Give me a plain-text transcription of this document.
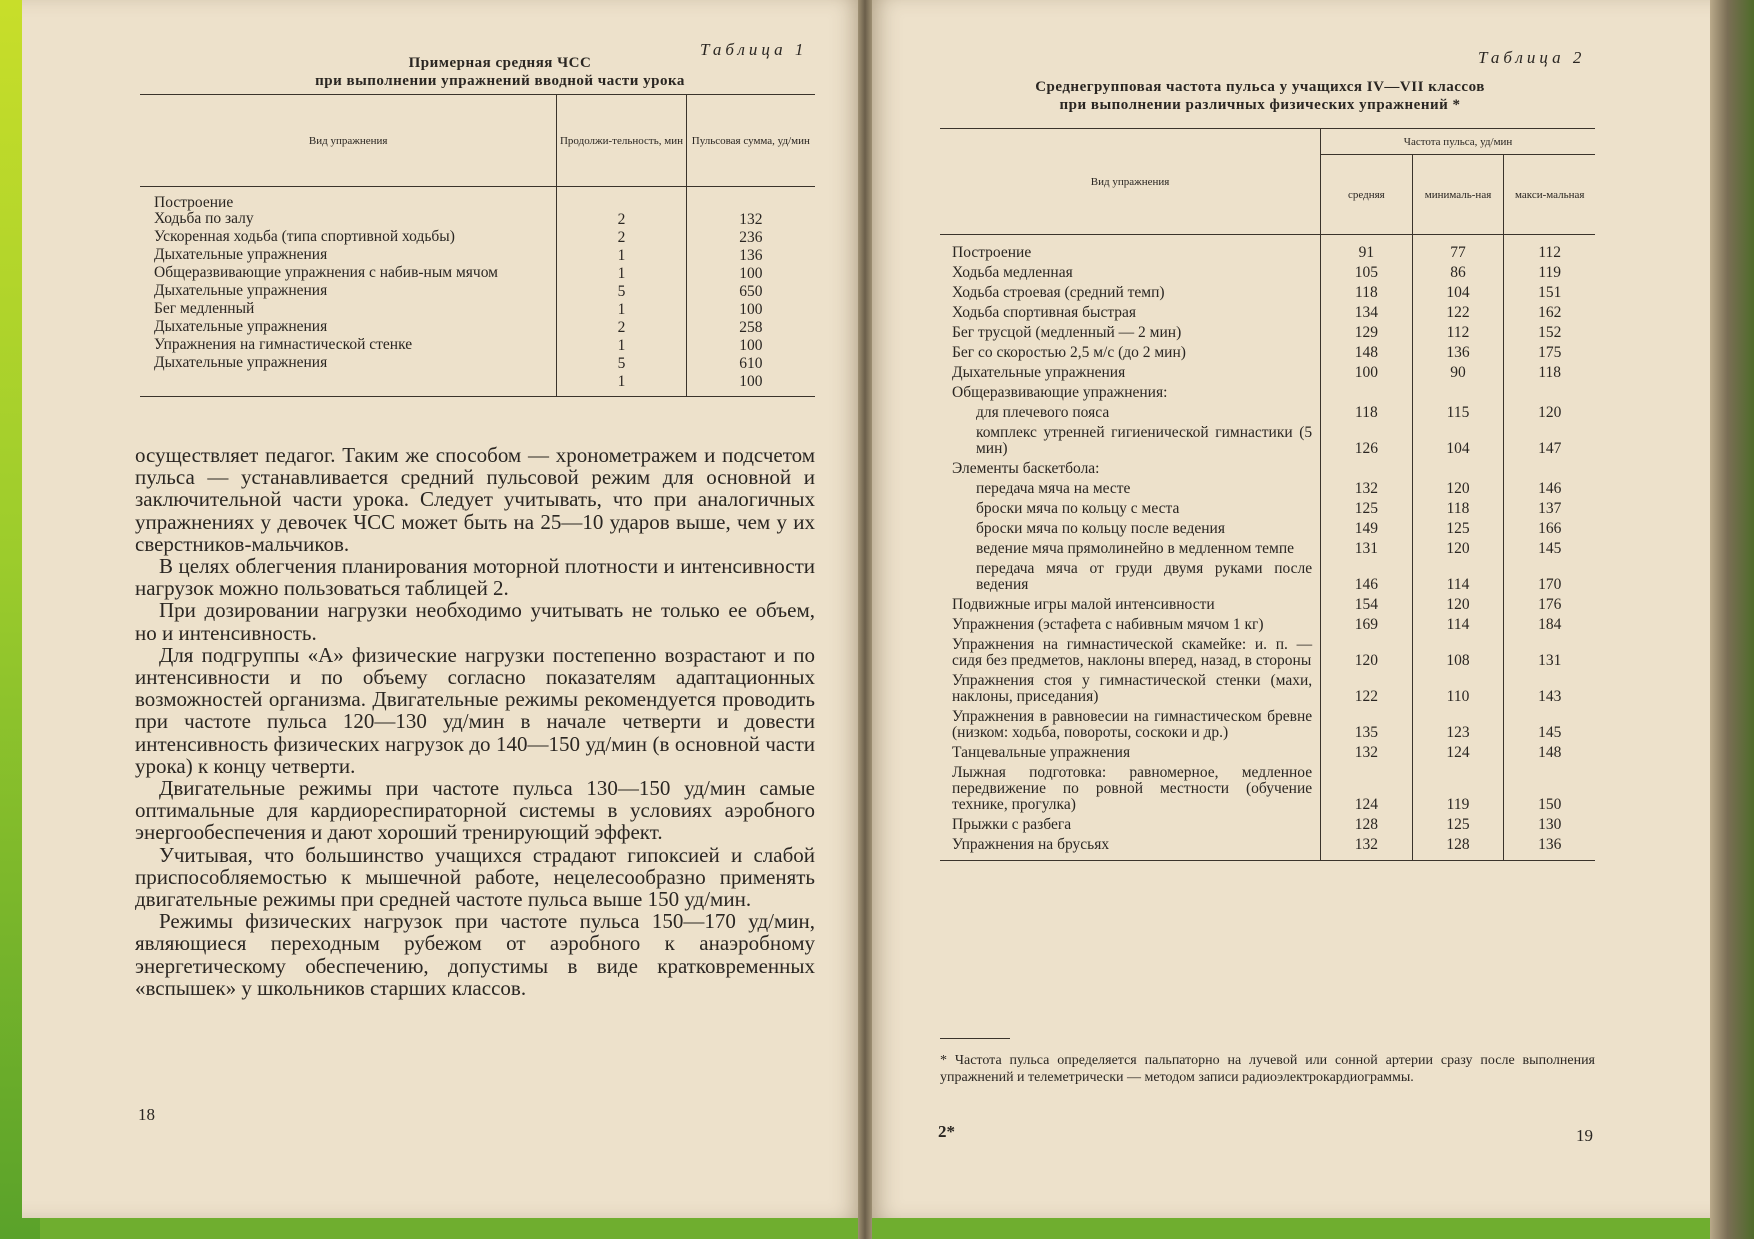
Таблица 1
Примерная средняя ЧСС
при выполнении упражнений вводной части урока
Вид упражнения	Продолжи-тельность, мин	Пульсовая сумма, уд/мин

Построение		
Ходьба по залу	2	132
Ускоренная ходьба (типа спортивной ходьбы)	2	236
Дыхательные упражнения	1	136
Общеразвивающие упражнения с набив-ным мячом	1	100
Дыхательные упражнения	5	650
Бег медленный	1	100
Дыхательные упражнения	2	258
Упражнения на гимнастической стенке	1	100
Дыхательные упражнения	5	610
	1	100

осуществляет педагог. Таким же способом — хронометражем и подсчетом пульса — устанавливается средний пульсовой режим для основной и заключительной части урока. Следует учитывать, что при аналогичных упражнениях у девочек ЧСС может быть на 25—10 ударов выше, чем у их сверстников-мальчиков.

В целях облегчения планирования моторной плотности и интенсивности нагрузок можно пользоваться таблицей 2.

При дозировании нагрузки необходимо учитывать не только ее объем, но и интенсивность.

Для подгруппы «А» физические нагрузки постепенно возрастают и по интенсивности и по объему согласно показателям адаптационных возможностей организма. Двигательные режимы рекомендуется проводить при частоте пульса 120—130 уд/мин в начале четверти и довести интенсивность физических нагрузок до 140—150 уд/мин (в основной части урока) к концу четверти.

Двигательные режимы при частоте пульса 130—150 уд/мин самые оптимальные для кардиореспираторной системы в условиях аэробного энергообеспечения и дают хороший тренирующий эффект.

Учитывая, что большинство учащихся страдают гипоксией и слабой приспособляемостью к мышечной работе, нецелесообразно применять двигательные режимы при средней частоте пульса выше 150 уд/мин.

Режимы физических нагрузок при частоте пульса 150—170 уд/мин, являющиеся переходным рубежом от аэробного к анаэробному энергетическому обеспечению, допустимы в виде кратковременных «вспышек» у школьников старших классов.

18
Таблица 2
Среднегрупповая частота пульса у учащихся IV—VII классов
при выполнении различных физических упражнений *
Вид упражнения	Частота пульса, уд/мин		
	средняя	минималь-ная	макси-мальная

Построение	91	77	112
Ходьба медленная	105	86	119
Ходьба строевая (средний темп)	118	104	151
Ходьба спортивная быстрая	134	122	162
Бег трусцой (медленный — 2 мин)	129	112	152
Бег со скоростью 2,5 м/с (до 2 мин)	148	136	175
Дыхательные упражнения	100	90	118
Общеразвивающие упражнения:			
для плечевого пояса	118	115	120
комплекс утренней гигиенической гимнастики (5 мин)	126	104	147
Элементы баскетбола:			
передача мяча на месте	132	120	146
броски мяча по кольцу с места	125	118	137
броски мяча по кольцу после ведения	149	125	166
ведение мяча прямолинейно в медленном темпе	131	120	145
передача мяча от груди двумя руками после ведения	146	114	170
Подвижные игры малой интенсивности	154	120	176
Упражнения (эстафета с набивным мячом 1 кг)	169	114	184
Упражнения на гимнастической скамейке: и. п. — сидя без предметов, наклоны вперед, назад, в стороны	120	108	131
Упражнения стоя у гимнастической стенки (махи, наклоны, приседания)	122	110	143
Упражнения в равновесии на гимнастическом бревне (низком: ходьба, повороты, соскоки и др.)	135	123	145
Танцевальные упражнения	132	124	148
Лыжная подготовка: равномерное, медленное передвижение по ровной местности (обучение технике, прогулка)	124	119	150
Прыжки с разбега	128	125	130
Упражнения на брусьях	132	128	136

* Частота пульса определяется пальпаторно на лучевой или сонной артерии сразу после выполнения упражнений и телеметрически — методом записи радиоэлектрокардиограммы.
2*	19
